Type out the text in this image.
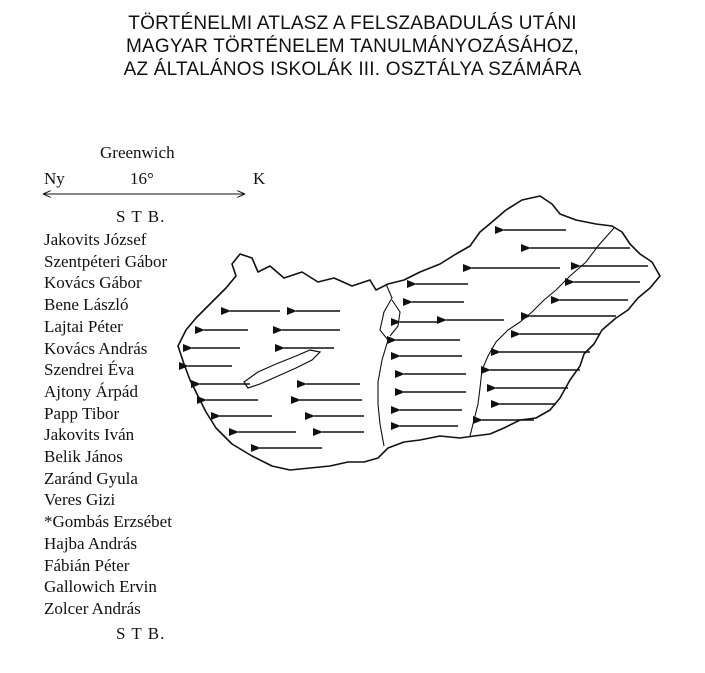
TÖRTÉNELMI ATLASZ A FELSZABADULÁS UTÁNI
MAGYAR TÖRTÉNELEM TANULMÁNYOZÁSÁHOZ,
AZ ÁLTALÁNOS ISKOLÁK III. OSZTÁLYA SZÁMÁRA
Greenwich
Ny	16°	K
S T B.
S T B.
Jakovits József
Szentpéteri Gábor
Kovács Gábor
Bene László
Lajtai Péter
Kovács András
Szendrei Éva
Ajtony Árpád
Papp Tibor
Jakovits Iván
Belik János
Zaránd Gyula
Veres Gizi
*Gombás Erzsébet
Hajba András
Fábián Péter
Gallowich Ervin
Zolcer András
